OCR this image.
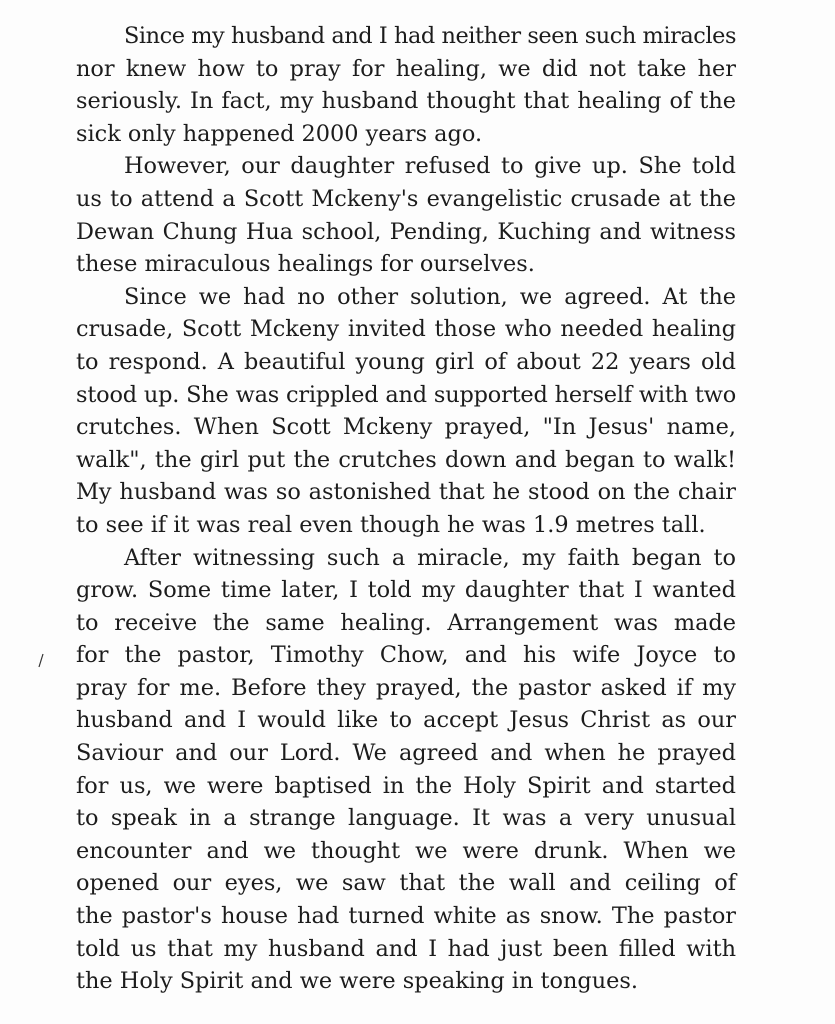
Since my husband and I had neither seen such miracles
nor knew how to pray for healing, we did not take her
seriously. In fact, my husband thought that healing of the
sick only happened 2000 years ago.
However, our daughter refused to give up. She told
us to attend a Scott Mckeny's evangelistic crusade at the
Dewan Chung Hua school, Pending, Kuching and witness
these miraculous healings for ourselves.
Since we had no other solution, we agreed. At the
crusade, Scott Mckeny invited those who needed healing
to respond. A beautiful young girl of about 22 years old
stood up. She was crippled and supported herself with two
crutches. When Scott Mckeny prayed, "In Jesus' name,
walk", the girl put the crutches down and began to walk!
My husband was so astonished that he stood on the chair
to see if it was real even though he was 1.9 metres tall.
After witnessing such a miracle, my faith began to
grow. Some time later, I told my daughter that I wanted
to receive the same healing. Arrangement was made
for the pastor, Timothy Chow, and his wife Joyce to
pray for me. Before they prayed, the pastor asked if my
husband and I would like to accept Jesus Christ as our
Saviour and our Lord. We agreed and when he prayed
for us, we were baptised in the Holy Spirit and started
to speak in a strange language. It was a very unusual
encounter and we thought we were drunk. When we
opened our eyes, we saw that the wall and ceiling of
the pastor's house had turned white as snow. The pastor
told us that my husband and I had just been filled with
the Holy Spirit and we were speaking in tongues.
